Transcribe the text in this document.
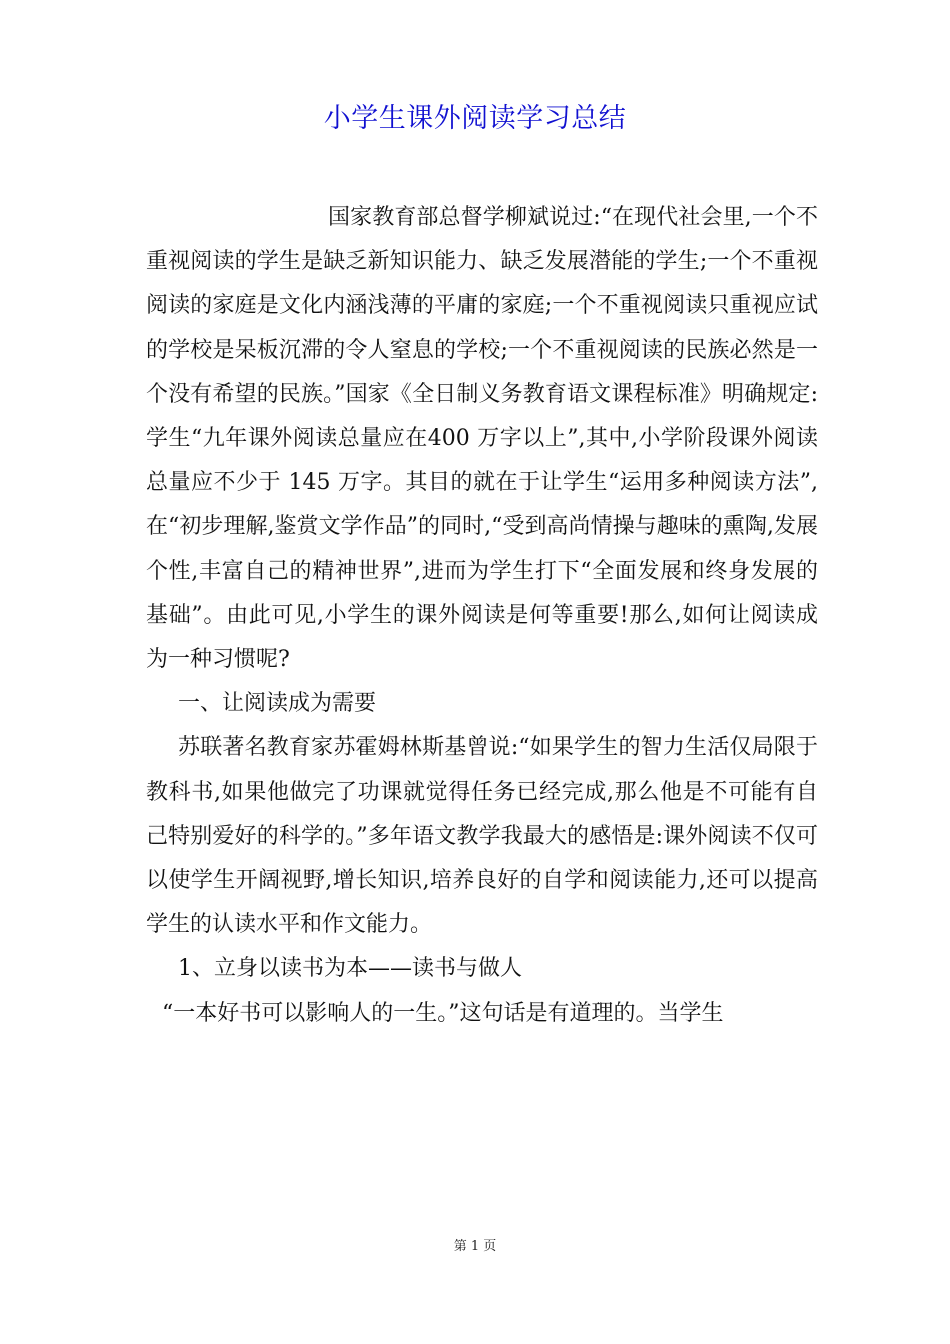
小学生课外阅读学习总结

国家教育部总督学柳斌说过:“在现代社会里,一个不重视阅读的学生是缺乏新知识能力、缺乏发展潜能的学生;一个不重视阅读的家庭是文化内涵浅薄的平庸的家庭;一个不重视阅读只重视应试的学校是呆板沉滞的令人窒息的学校;一个不重视阅读的民族必然是一个没有希望的民族。”国家《全日制义务教育语文课程标准》明确规定:学生“九年课外阅读总量应在400 万字以上”,其中,小学阶段课外阅读总量应不少于 145 万字。其目的就在于让学生“运用多种阅读方法”,在“初步理解,鉴赏文学作品”的同时,“受到高尚情操与趣味的熏陶,发展个性,丰富自己的精神世界”,进而为学生打下“全面发展和终身发展的基础”。由此可见,小学生的课外阅读是何等重要!那么,如何让阅读成为一种习惯呢?

一、让阅读成为需要

苏联著名教育家苏霍姆林斯基曾说:“如果学生的智力生活仅局限于教科书,如果他做完了功课就觉得任务已经完成,那么他是不可能有自己特别爱好的科学的。”多年语文教学我最大的感悟是:课外阅读不仅可以使学生开阔视野,增长知识,培养良好的自学和阅读能力,还可以提高学生的认读水平和作文能力。

1、立身以读书为本——读书与做人

“一本好书可以影响人的一生。”这句话是有道理的。当学生

第 1 页
